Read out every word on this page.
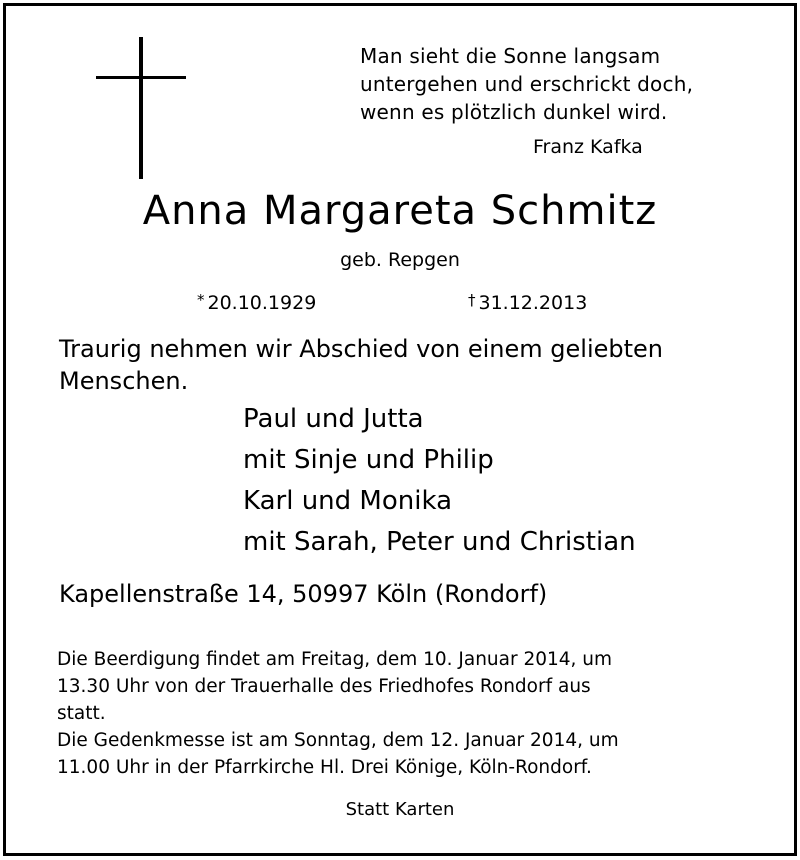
Man sieht die Sonne langsam
untergehen und erschrickt doch,
wenn es plötzlich dunkel wird.
Franz Kafka
Anna Margareta Schmitz
geb. Repgen
* 20.10.1929	† 31.12.2013
Traurig nehmen wir Abschied von einem geliebten Menschen.
Paul und Jutta
mit Sinje und Philip
Karl und Monika
mit Sarah, Peter und Christian
Kapellenstraße 14, 50997 Köln (Rondorf)
Die Beerdigung findet am Freitag, dem 10. Januar 2014, um
13.30 Uhr von der Trauerhalle des Friedhofes Rondorf aus
statt.
Die Gedenkmesse ist am Sonntag, dem 12. Januar 2014, um
11.00 Uhr in der Pfarrkirche Hl. Drei Könige, Köln-Rondorf.
Statt Karten
